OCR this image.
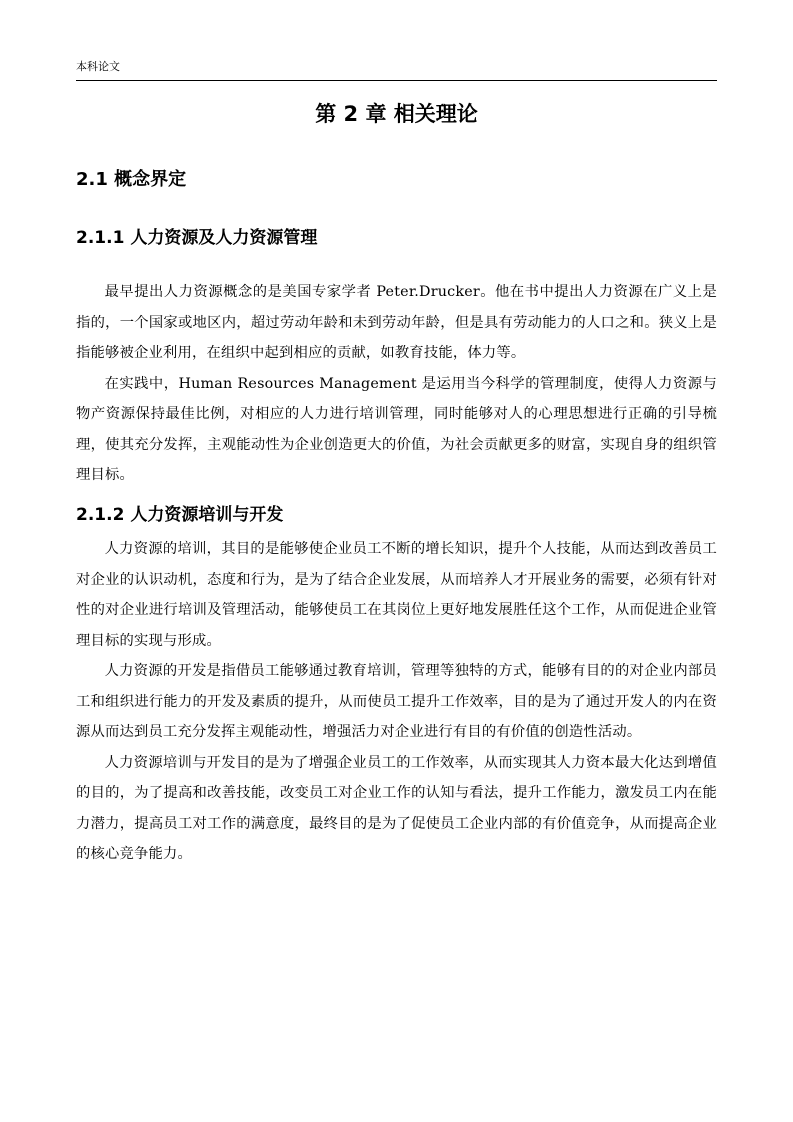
本科论文
第 2 章 相关理论
2.1 概念界定
2.1.1 人力资源及人力资源管理

最早提出人力资源概念的是美国专家学者 Peter.Drucker。他在书中提出人力资源在广义上是指的，一个国家或地区内，超过劳动年龄和未到劳动年龄，但是具有劳动能力的人口之和。狭义上是指能够被企业利用，在组织中起到相应的贡献，如教育技能，体力等。

在实践中，Human Resources Management 是运用当今科学的管理制度，使得人力资源与物产资源保持最佳比例，对相应的人力进行培训管理，同时能够对人的心理思想进行正确的引导梳理，使其充分发挥，主观能动性为企业创造更大的价值，为社会贡献更多的财富，实现自身的组织管理目标。

2.1.2 人力资源培训与开发

人力资源的培训，其目的是能够使企业员工不断的增长知识，提升个人技能，从而达到改善员工对企业的认识动机，态度和行为，是为了结合企业发展，从而培养人才开展业务的需要，必须有针对性的对企业进行培训及管理活动，能够使员工在其岗位上更好地发展胜任这个工作，从而促进企业管理目标的实现与形成。

人力资源的开发是指借员工能够通过教育培训，管理等独特的方式，能够有目的的对企业内部员工和组织进行能力的开发及素质的提升，从而使员工提升工作效率，目的是为了通过开发人的内在资源从而达到员工充分发挥主观能动性，增强活力对企业进行有目的有价值的创造性活动。

人力资源培训与开发目的是为了增强企业员工的工作效率，从而实现其人力资本最大化达到增值的目的，为了提高和改善技能，改变员工对企业工作的认知与看法，提升工作能力，激发员工内在能力潜力，提高员工对工作的满意度，最终目的是为了促使员工企业内部的有价值竞争，从而提高企业的核心竞争能力。
